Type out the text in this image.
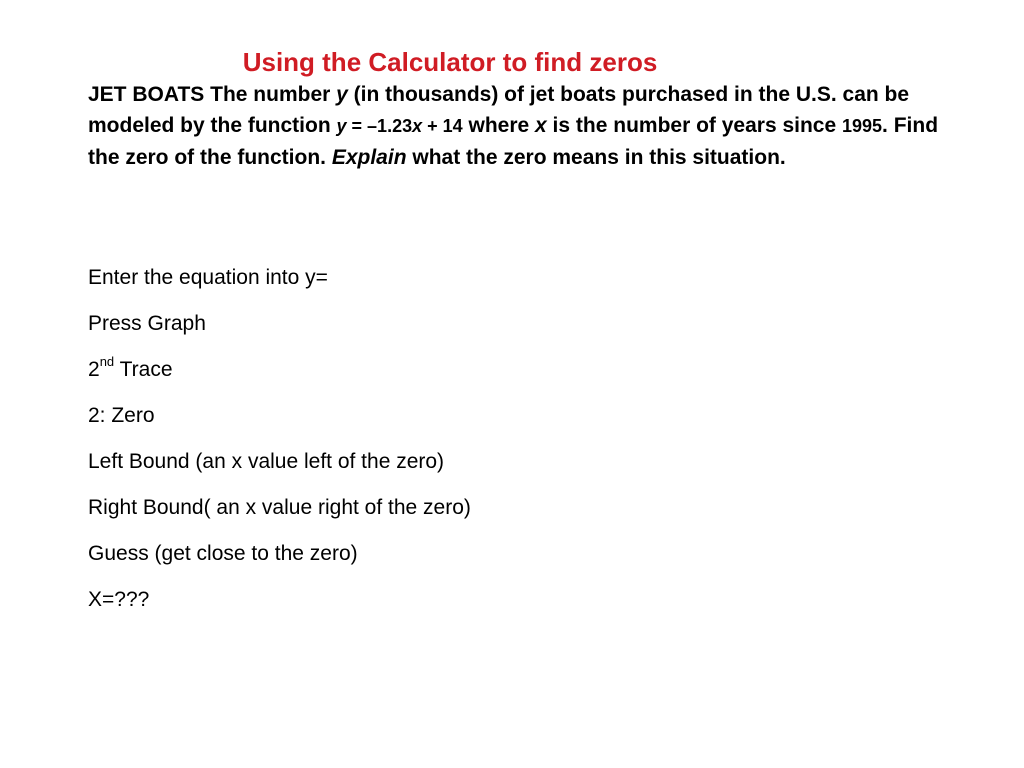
Using the Calculator to find zeros

JET BOATS The number y (in thousands) of jet boats purchased in the U.S. can be modeled by the function y = –1.23x + 14 where x is the number of years since 1995. Find the zero of the function. Explain what the zero means in this situation.

Enter the equation into y=
Press Graph
2nd Trace
2: Zero
Left Bound (an x value left of the zero)
Right Bound( an x value right of the zero)
Guess (get close to the zero)
X=???
